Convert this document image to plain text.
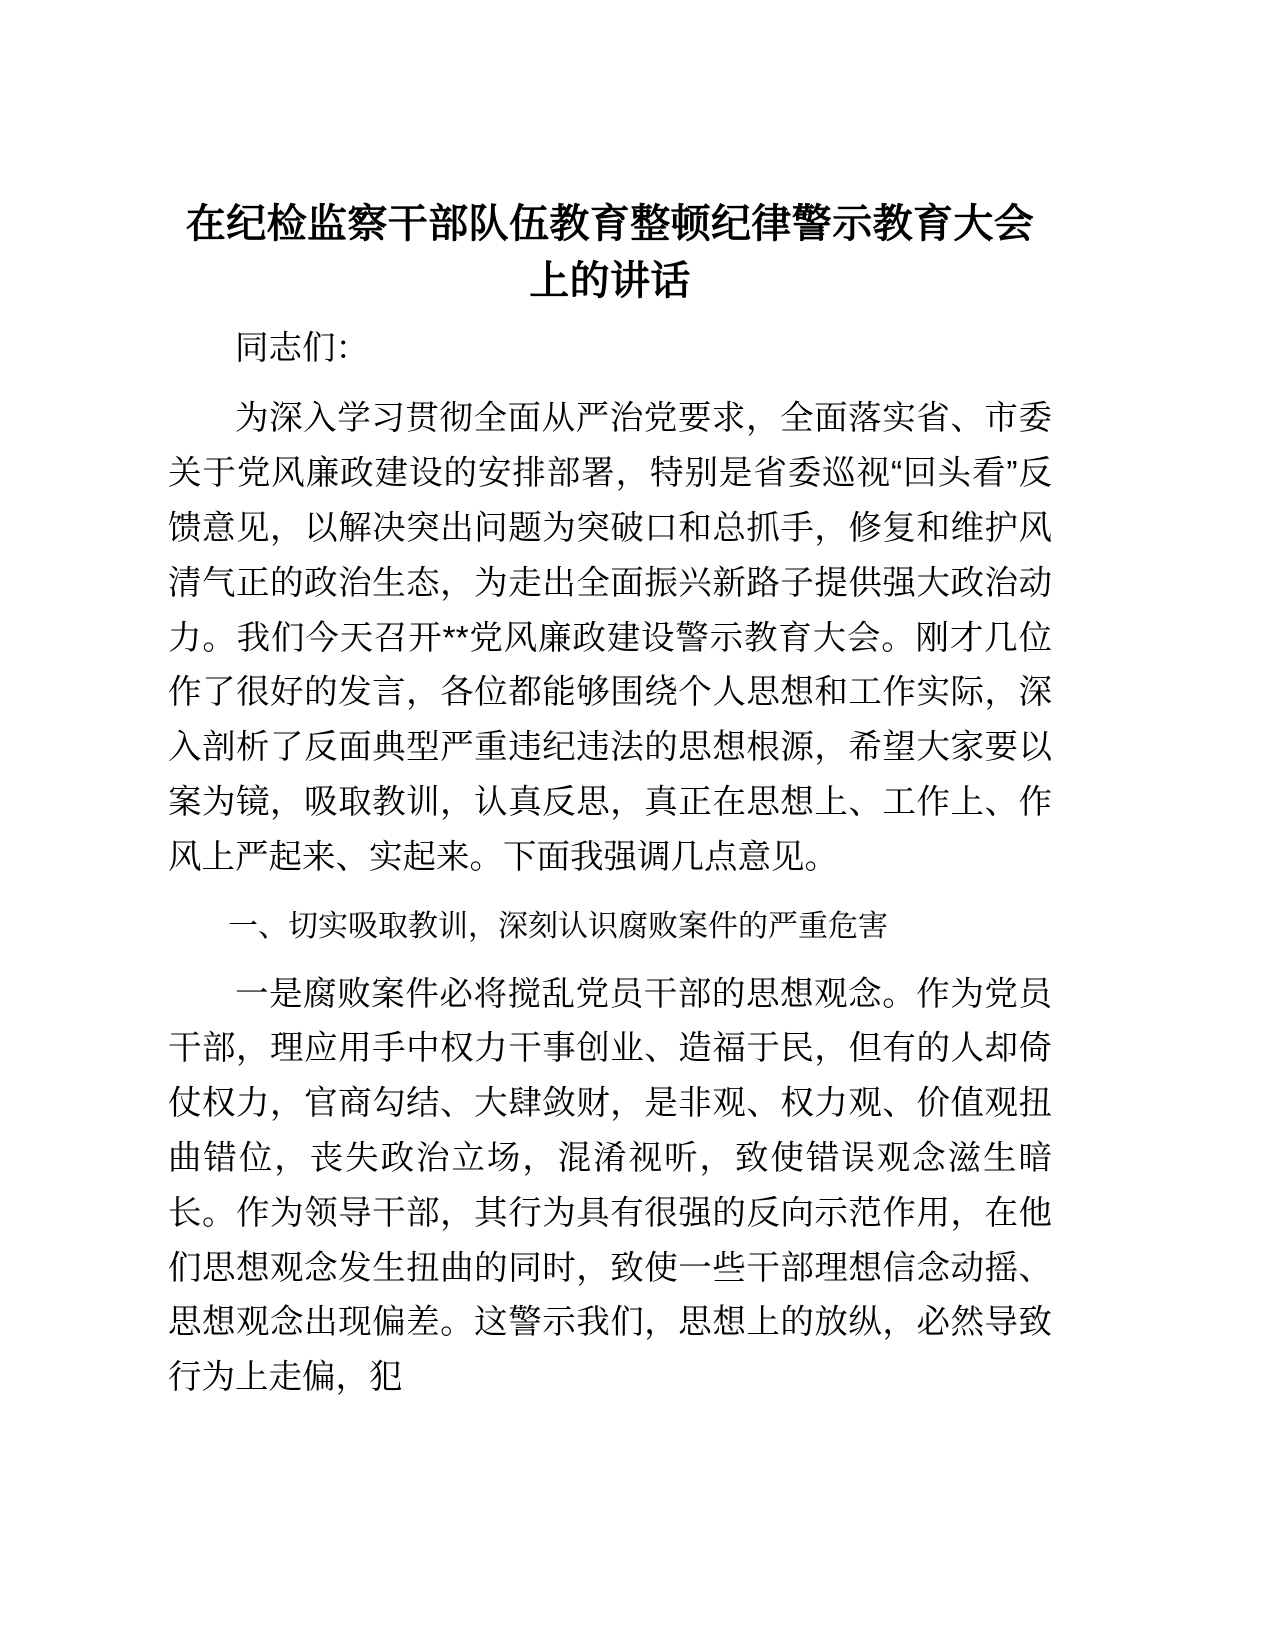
在纪检监察干部队伍教育整顿纪律警示教育大会上的讲话

同志们：

为深入学习贯彻全面从严治党要求，全面落实省、市委关于党风廉政建设的安排部署，特别是省委巡视“回头看”反馈意见，以解决突出问题为突破口和总抓手，修复和维护风清气正的政治生态，为走出全面振兴新路子提供强大政治动力。我们今天召开**党风廉政建设警示教育大会。刚才几位作了很好的发言，各位都能够围绕个人思想和工作实际，深入剖析了反面典型严重违纪违法的思想根源，希望大家要以案为镜，吸取教训，认真反思，真正在思想上、工作上、作风上严起来、实起来。下面我强调几点意见。

一、切实吸取教训，深刻认识腐败案件的严重危害

一是腐败案件必将搅乱党员干部的思想观念。作为党员干部，理应用手中权力干事创业、造福于民，但有的人却倚仗权力，官商勾结、大肆敛财，是非观、权力观、价值观扭曲错位，丧失政治立场，混淆视听，致使错误观念滋生暗长。作为领导干部，其行为具有很强的反向示范作用，在他们思想观念发生扭曲的同时，致使一些干部理想信念动摇、思想观念出现偏差。这警示我们，思想上的放纵，必然导致行为上走偏，犯
